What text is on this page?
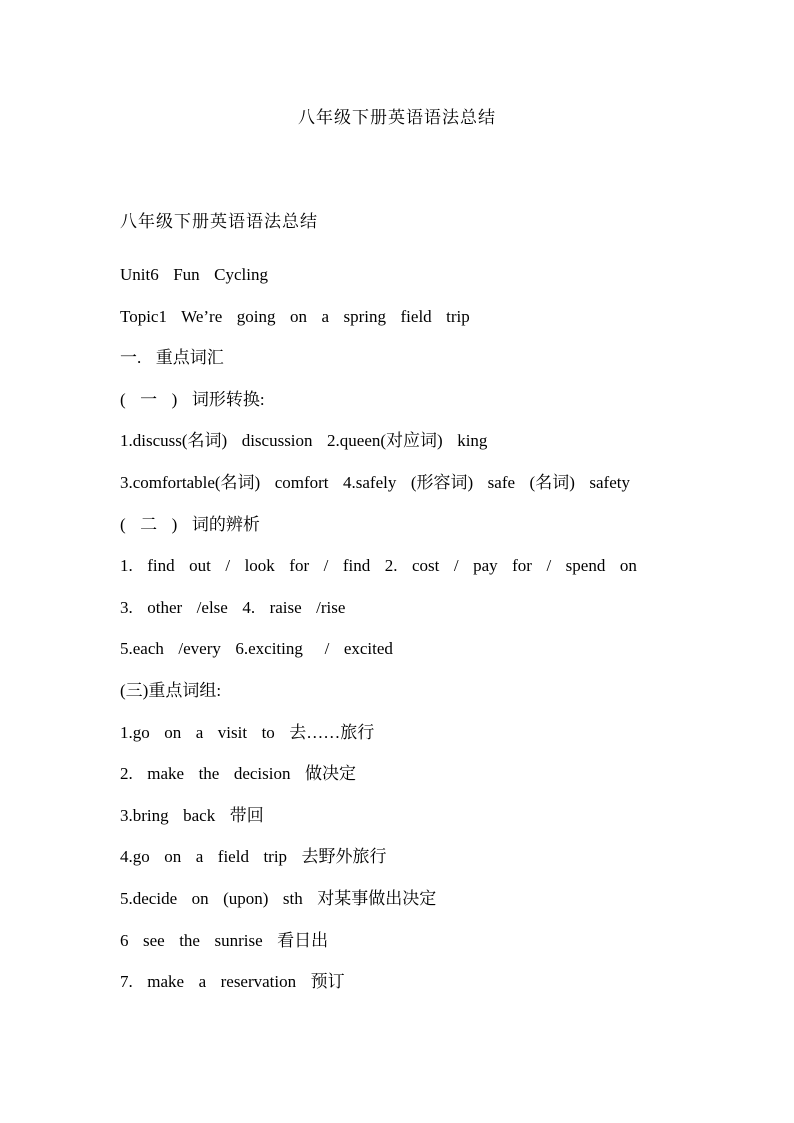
八年级下册英语语法总结

八年级下册英语语法总结

Unit6  Fun  Cycling

Topic1  We’re  going  on  a  spring  field  trip

一.  重点词汇

(  一  )  词形转换:

1.discuss(名词)  discussion  2.queen(对应词)  king

3.comfortable(名词)  comfort  4.safely  (形容词)  safe  (名词)  safety

(  二  )  词的辨析

1.  find  out  /  look  for  /  find  2.  cost  /  pay  for  /  spend  on

3.  other  /else  4.  raise  /rise

5.each  /every  6.exciting   /  excited

(三)重点词组:

1.go  on  a  visit  to  去……旅行

2.  make  the  decision  做决定

3.bring  back  带回

4.go  on  a  field  trip  去野外旅行

5.decide  on  (upon)  sth  对某事做出决定

6  see  the  sunrise  看日出

7.  make  a  reservation  预订
